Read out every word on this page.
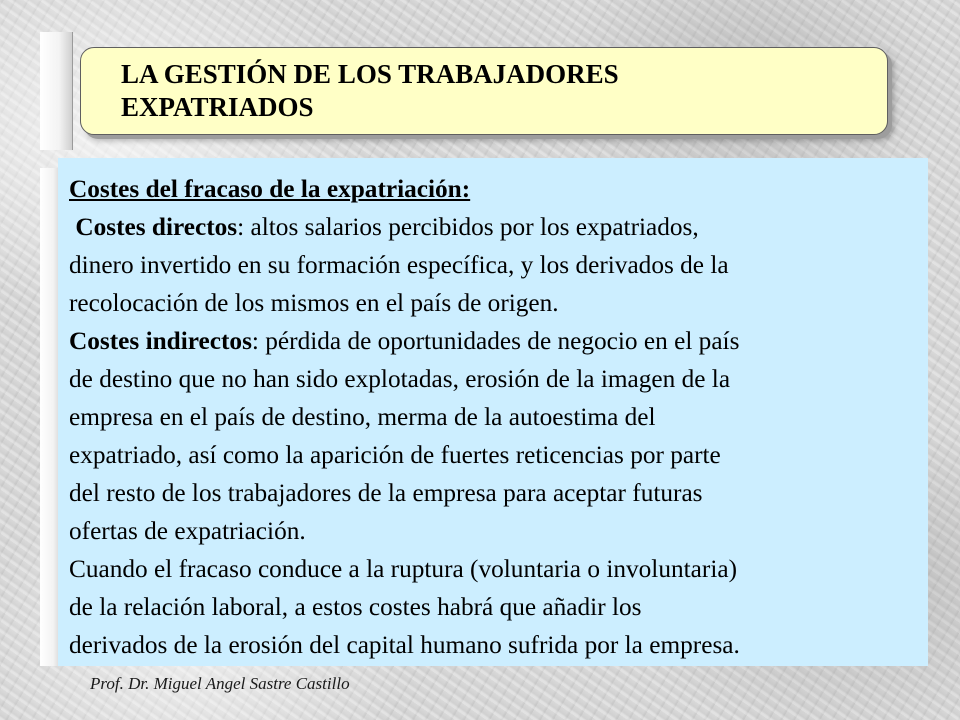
LA GESTIÓN DE LOS TRABAJADORES
EXPATRIADOS

Costes del fracaso de la expatriación:

Costes directos: altos salarios percibidos por los expatriados,

dinero invertido en su formación específica, y los derivados de la

recolocación de los mismos en el país de origen.

Costes indirectos: pérdida de oportunidades de negocio en el país

de destino que no han sido explotadas, erosión de la imagen de la

empresa en el país de destino, merma de la autoestima del

expatriado, así como la aparición de fuertes reticencias por parte

del resto de los trabajadores de la empresa para aceptar futuras

ofertas de expatriación.

Cuando el fracaso conduce a la ruptura (voluntaria o involuntaria)

de la relación laboral, a estos costes habrá que añadir los

derivados de la erosión del capital humano sufrida por la empresa.

Prof. Dr. Miguel Angel Sastre Castillo
